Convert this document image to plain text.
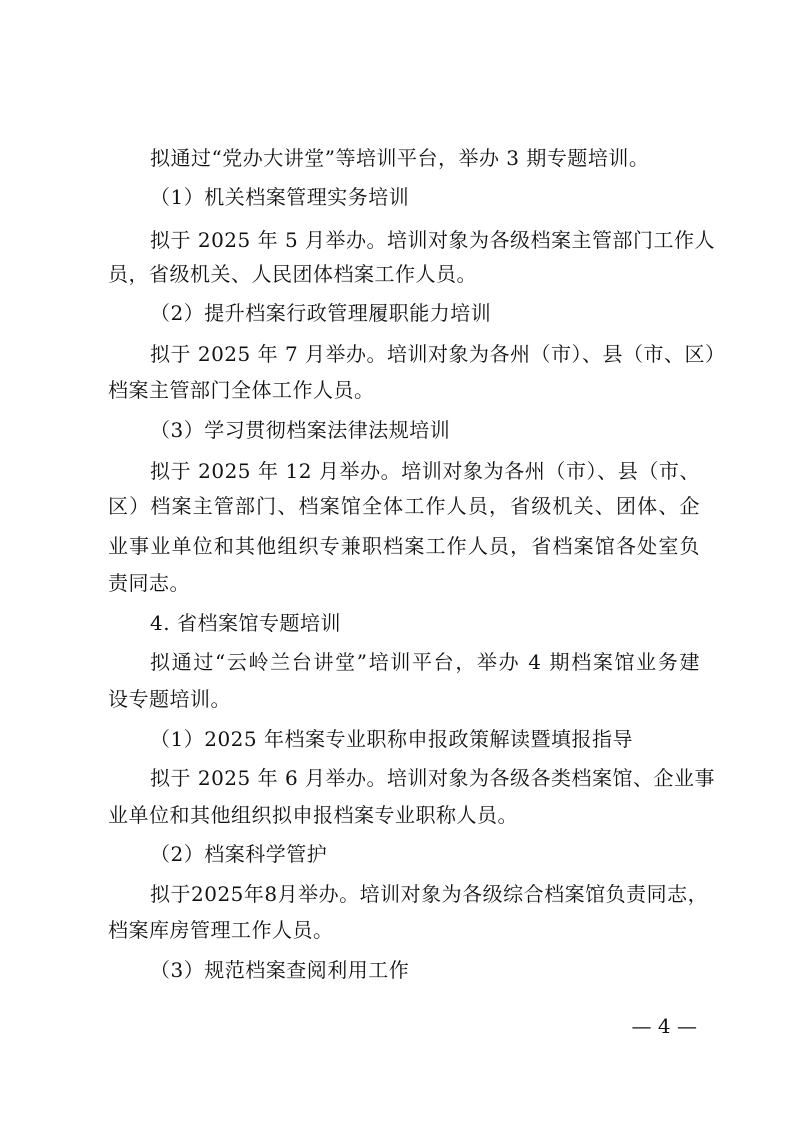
拟通过“党办大讲堂”等培训平台，举办 3 期专题培训。
（1）机关档案管理实务培训
拟于 2025 年 5 月举办。培训对象为各级档案主管部门工作人
员，省级机关、人民团体档案工作人员。
（2）提升档案行政管理履职能力培训
拟于 2025 年 7 月举办。培训对象为各州（市）、县（市、区）
档案主管部门全体工作人员。
（3）学习贯彻档案法律法规培训
拟于 2025 年 12 月举办。培训对象为各州（市）、县（市、
区）档案主管部门、档案馆全体工作人员，省级机关、团体、企
业事业单位和其他组织专兼职档案工作人员，省档案馆各处室负
责同志。
4. 省档案馆专题培训
拟通过“云岭兰台讲堂”培训平台，举办 4 期档案馆业务建
设专题培训。
（1）2025 年档案专业职称申报政策解读暨填报指导
拟于 2025 年 6 月举办。培训对象为各级各类档案馆、企业事
业单位和其他组织拟申报档案专业职称人员。
（2）档案科学管护
拟于2025年8月举办。培训对象为各级综合档案馆负责同志，
档案库房管理工作人员。
（3）规范档案查阅利用工作
— 4 —
